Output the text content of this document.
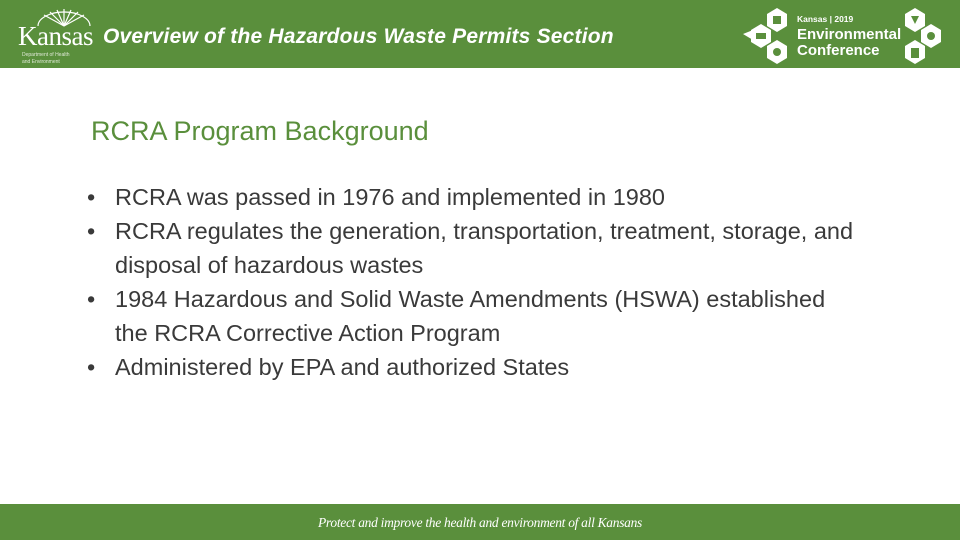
Kansas
Department of Health
and Environment
Overview of the Hazardous Waste Permits Section
Kansas | 2019
Environmental
Conference
RCRA Program Background
• RCRA was passed in 1976 and implemented in 1980
• RCRA regulates the generation, transportation, treatment, storage, and disposal of hazardous wastes
• 1984 Hazardous and Solid Waste Amendments (HSWA) established the RCRA Corrective Action Program
• Administered by EPA and authorized States
Protect and improve the health and environment of all Kansans
